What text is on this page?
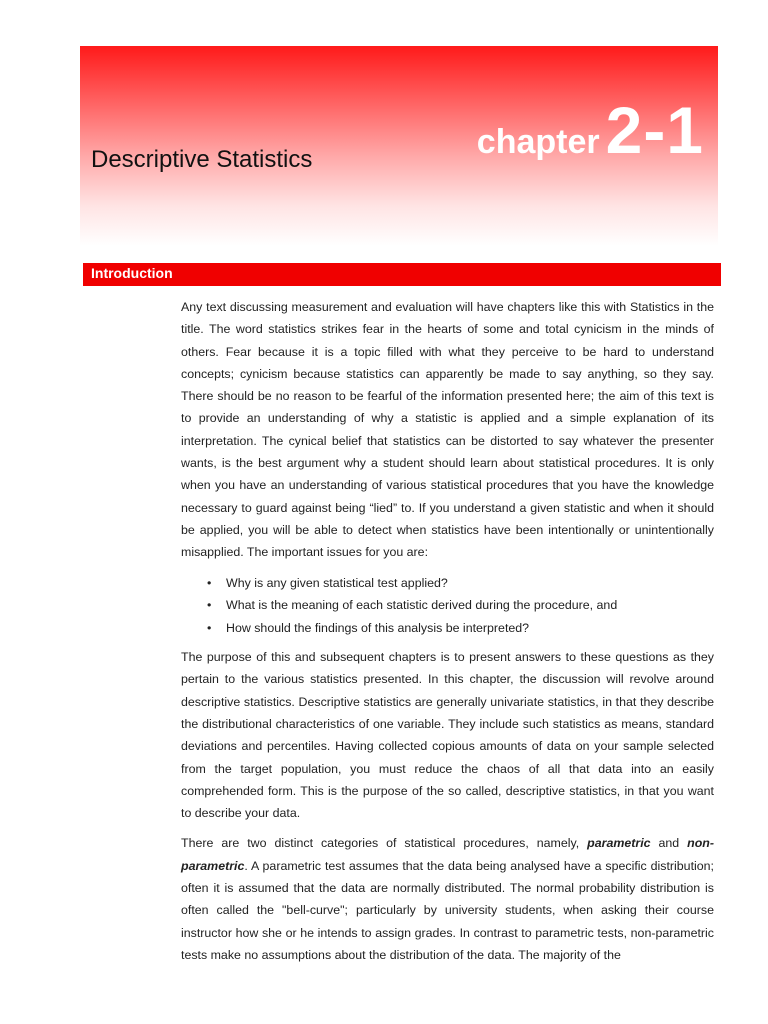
chapter2-1
Descriptive Statistics
Introduction

Any text discussing measurement and evaluation will have chapters like this with Statistics in the title. The word statistics strikes fear in the hearts of some and total cynicism in the minds of others. Fear because it is a topic filled with what they perceive to be hard to understand concepts; cynicism because statistics can apparently be made to say anything, so they say. There should be no reason to be fearful of the information presented here; the aim of this text is to provide an understanding of why a statistic is applied and a simple explanation of its interpretation. The cynical belief that statistics can be distorted to say whatever the presenter wants, is the best argument why a student should learn about statistical procedures. It is only when you have an understanding of various statistical procedures that you have the knowledge necessary to guard against being “lied” to. If you understand a given statistic and when it should be applied, you will be able to detect when statistics have been intentionally or unintentionally misapplied. The important issues for you are:

• Why is any given statistical test applied?
• What is the meaning of each statistic derived during the procedure, and
• How should the findings of this analysis be interpreted?

The purpose of this and subsequent chapters is to present answers to these questions as they pertain to the various statistics presented. In this chapter, the discussion will revolve around descriptive statistics. Descriptive statistics are generally univariate statistics, in that they describe the distributional characteristics of one variable. They include such statistics as means, standard deviations and percentiles. Having collected copious amounts of data on your sample selected from the target population, you must reduce the chaos of all that data into an easily comprehended form. This is the purpose of the so called, descriptive statistics, in that you want to describe your data.

There are two distinct categories of statistical procedures, namely, parametric and non-parametric. A parametric test assumes that the data being analysed have a specific distribution; often it is assumed that the data are normally distributed. The normal probability distribution is often called the "bell-curve"; particularly by university students, when asking their course instructor how she or he intends to assign grades. In contrast to parametric tests, non-parametric tests make no assumptions about the distribution of the data. The majority of the
